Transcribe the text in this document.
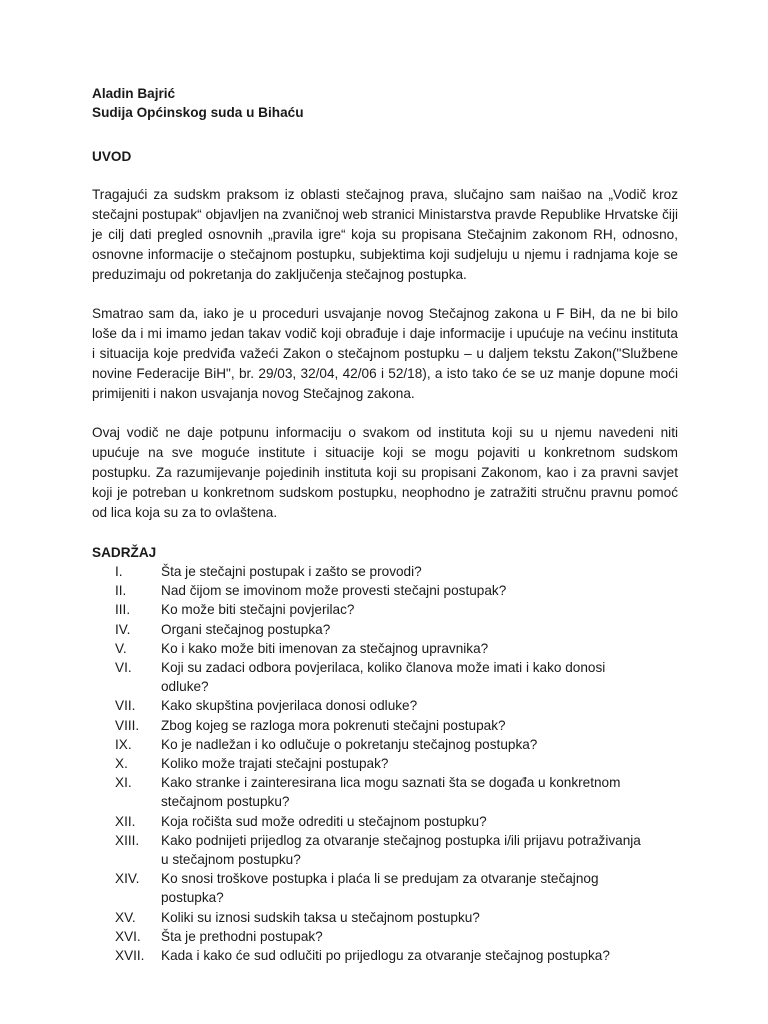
Aladin Bajrić

Sudija Općinskog suda u Bihaću

UVOD

Tragajući za sudskm praksom iz oblasti stečajnog prava, slučajno sam naišao na „Vodič kroz stečajni postupak“ objavljen na zvaničnoj web stranici Ministarstva pravde Republike Hrvatske čiji je cilj dati pregled osnovnih „pravila igre“ koja su propisana Stečajnim zakonom RH, odnosno, osnovne informacije o stečajnom postupku, subjektima koji sudjeluju u njemu i radnjama koje se preduzimaju od pokretanja do zaključenja stečajnog postupka.

Smatrao sam da, iako je u proceduri usvajanje novog Stečajnog zakona u F BiH, da ne bi bilo loše da i mi imamo jedan takav vodič koji obrađuje i daje informacije i upućuje na većinu instituta i situacija koje predviđa važeći Zakon o stečajnom postupku – u daljem tekstu Zakon("Službene novine Federacije BiH", br. 29/03, 32/04, 42/06 i 52/18), a isto tako će se uz manje dopune moći primijeniti i nakon usvajanja novog Stečajnog zakona.

Ovaj vodič ne daje potpunu informaciju o svakom od instituta koji su u njemu navedeni niti upućuje na sve moguće institute i situacije koji se mogu pojaviti u konkretnom sudskom postupku. Za razumijevanje pojedinih instituta koji su propisani Zakonom, kao i za pravni savjet koji je potreban u konkretnom sudskom postupku, neophodno je zatražiti stručnu pravnu pomoć od lica koja su za to ovlaštena.

SADRŽAJ

I.	Šta je stečajni postupak i zašto se provodi?
II.	Nad čijom se imovinom može provesti stečajni postupak?
III.	Ko može biti stečajni povjerilac?
IV.	Organi stečajnog postupka?
V.	Ko i kako može biti imenovan za stečajnog upravnika?
VI.	Koji su zadaci odbora povjerilaca, koliko članova može imati i kako donosi odluke?
VII.	Kako skupština povjerilaca donosi odluke?
VIII.	Zbog kojeg se razloga mora pokrenuti stečajni postupak?
IX.	Ko je nadležan i ko odlučuje o pokretanju stečajnog postupka?
X.	Koliko može trajati stečajni postupak?
XI.	Kako stranke i zainteresirana lica mogu saznati šta se događa u konkretnom stečajnom postupku?
XII.	Koja ročišta sud može odrediti u stečajnom postupku?
XIII.	Kako podnijeti prijedlog za otvaranje stečajnog postupka i/ili prijavu potraživanja u stečajnom postupku?
XIV.	Ko snosi troškove postupka i plaća li se predujam za otvaranje stečajnog postupka?
XV.	Koliki su iznosi sudskih taksa u stečajnom postupku?
XVI.	Šta je prethodni postupak?
XVII.	Kada i kako će sud odlučiti po prijedlogu za otvaranje stečajnog postupka?
